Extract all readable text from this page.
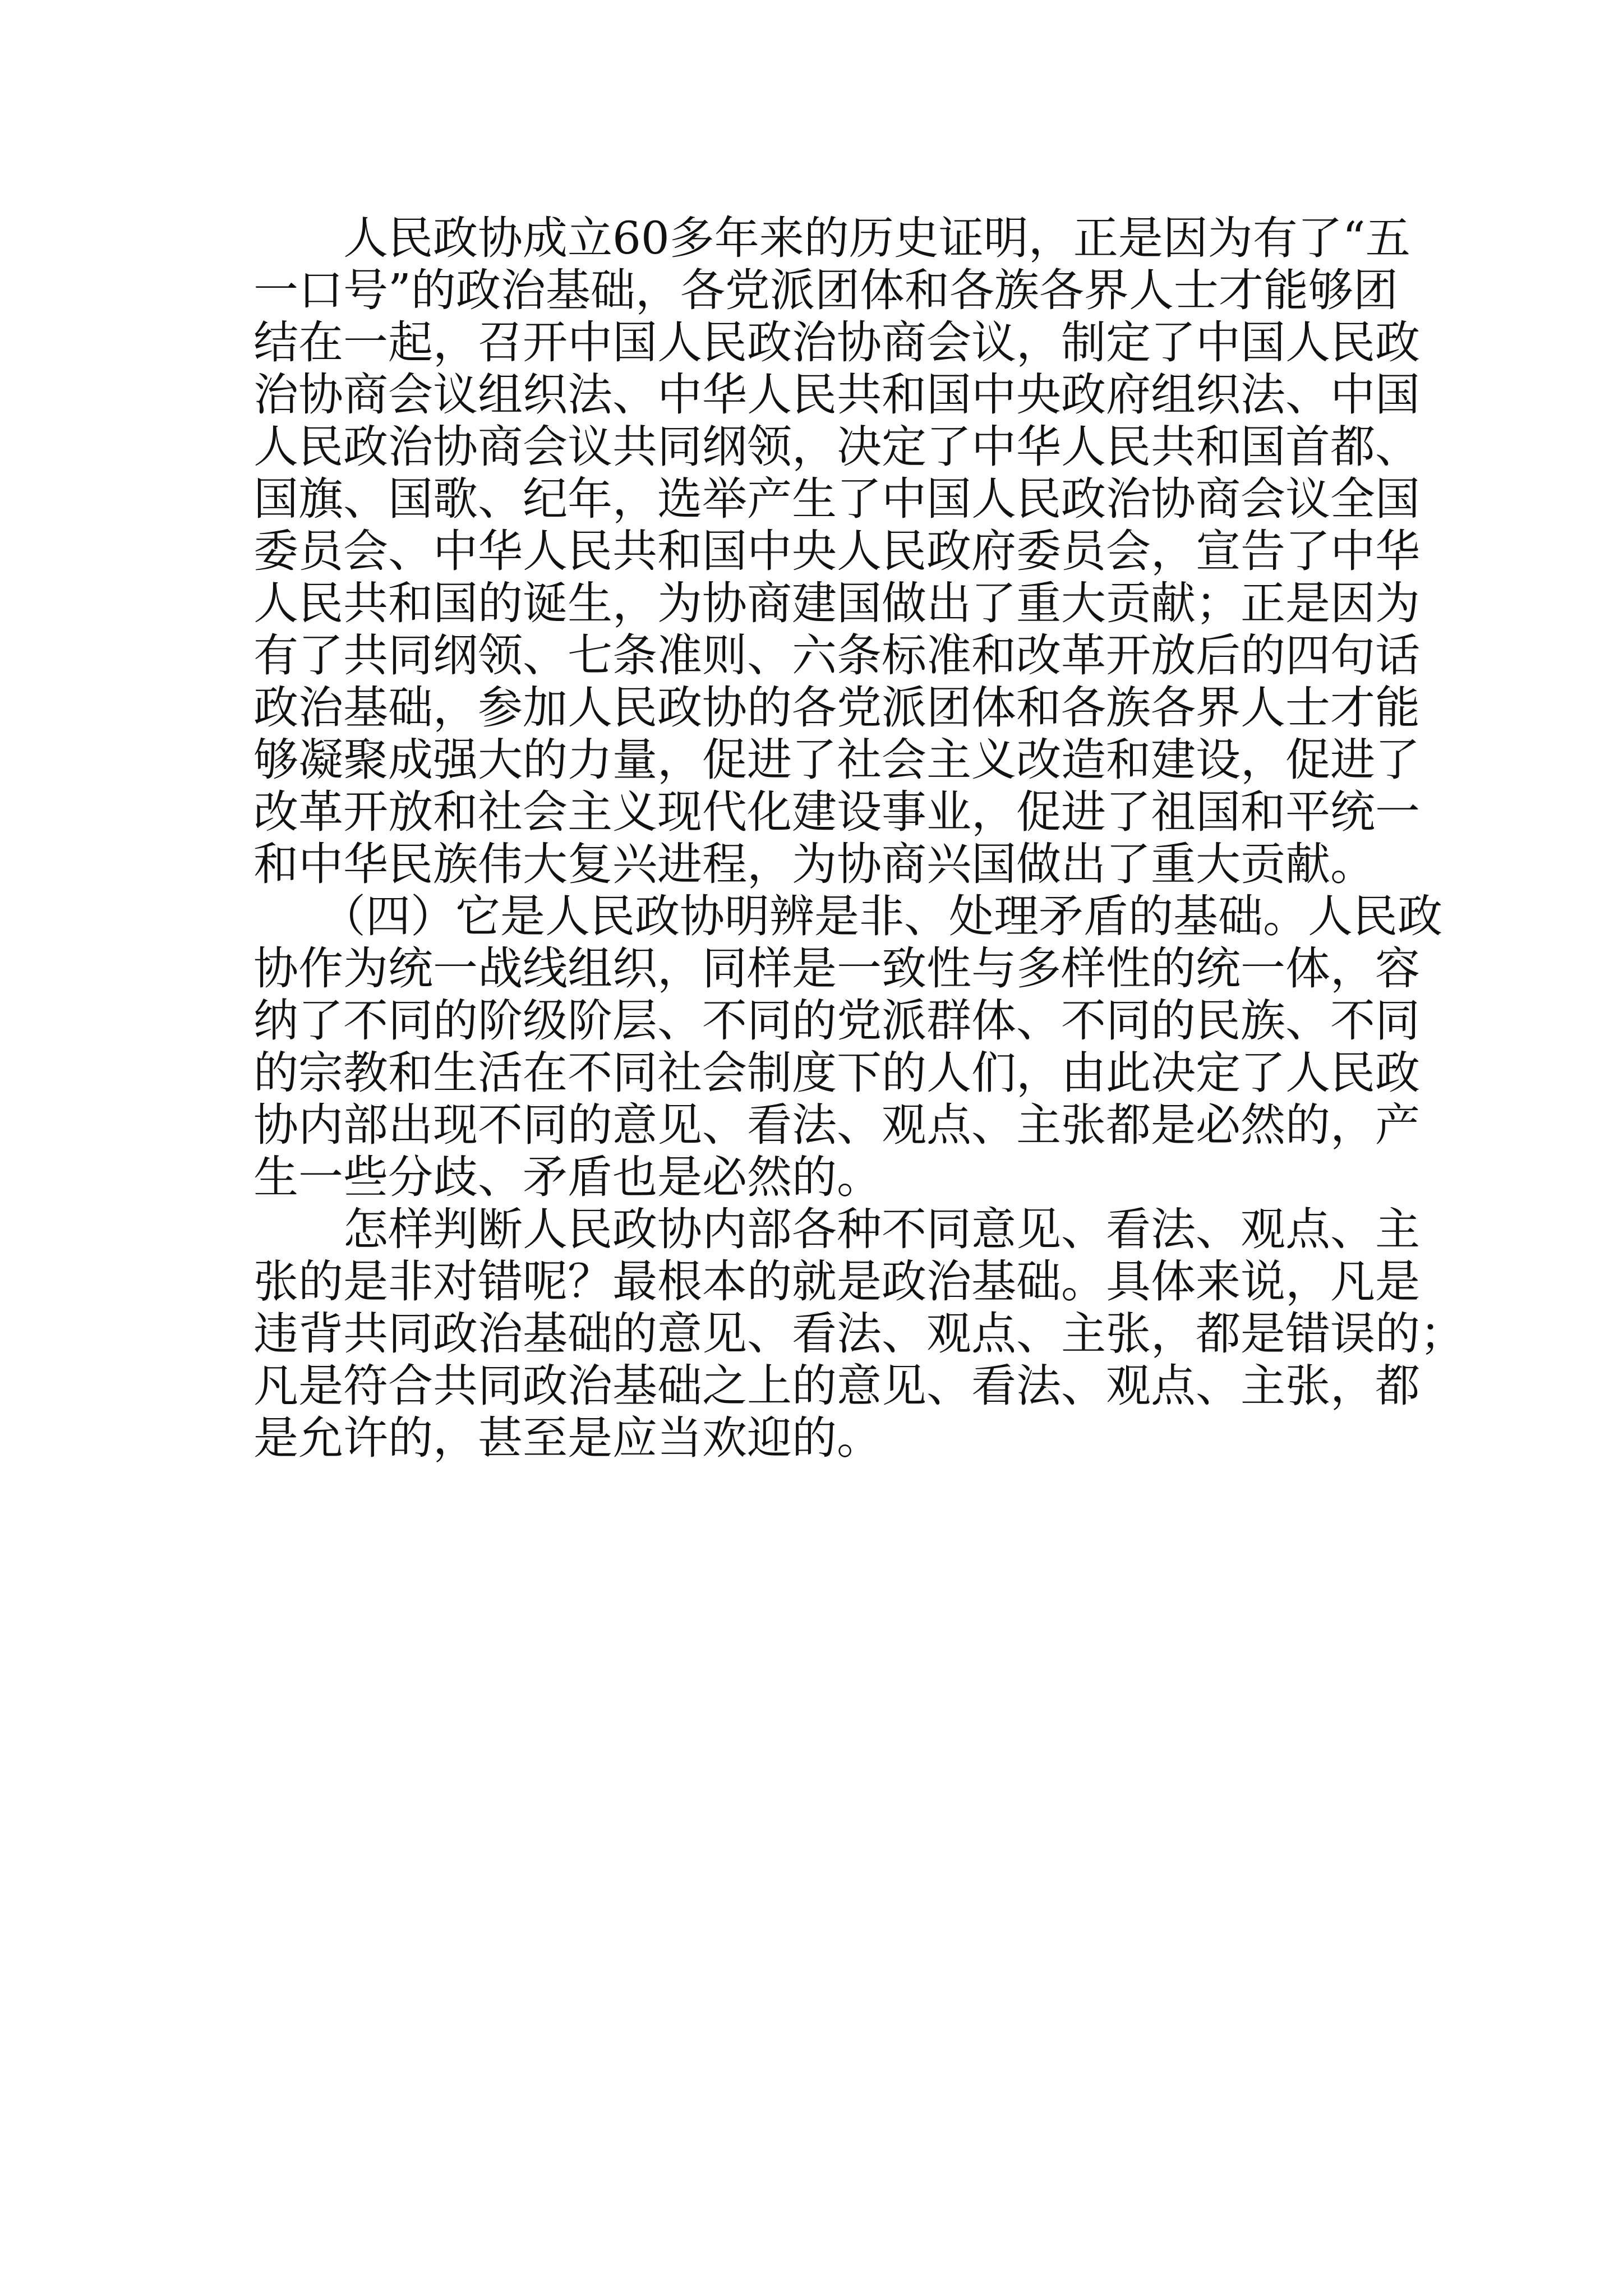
　　人民政协成立60多年来的历史证明，正是因为有了“五
一口号”的政治基础，各党派团体和各族各界人士才能够团
结在一起，召开中国人民政治协商会议，制定了中国人民政
治协商会议组织法、中华人民共和国中央政府组织法、中国
人民政治协商会议共同纲领，决定了中华人民共和国首都、
国旗、国歌、纪年，选举产生了中国人民政治协商会议全国
委员会、中华人民共和国中央人民政府委员会，宣告了中华
人民共和国的诞生，为协商建国做出了重大贡献；正是因为
有了共同纲领、七条准则、六条标准和改革开放后的四句话
政治基础，参加人民政协的各党派团体和各族各界人士才能
够凝聚成强大的力量，促进了社会主义改造和建设，促进了
改革开放和社会主义现代化建设事业，促进了祖国和平统一
和中华民族伟大复兴进程，为协商兴国做出了重大贡献。
　　（四）它是人民政协明辨是非、处理矛盾的基础。人民政
协作为统一战线组织，同样是一致性与多样性的统一体，容
纳了不同的阶级阶层、不同的党派群体、不同的民族、不同
的宗教和生活在不同社会制度下的人们，由此决定了人民政
协内部出现不同的意见、看法、观点、主张都是必然的，产
生一些分歧、矛盾也是必然的。
　　怎样判断人民政协内部各种不同意见、看法、观点、主
张的是非对错呢？最根本的就是政治基础。具体来说，凡是
违背共同政治基础的意见、看法、观点、主张，都是错误的；
凡是符合共同政治基础之上的意见、看法、观点、主张，都
是允许的，甚至是应当欢迎的。
